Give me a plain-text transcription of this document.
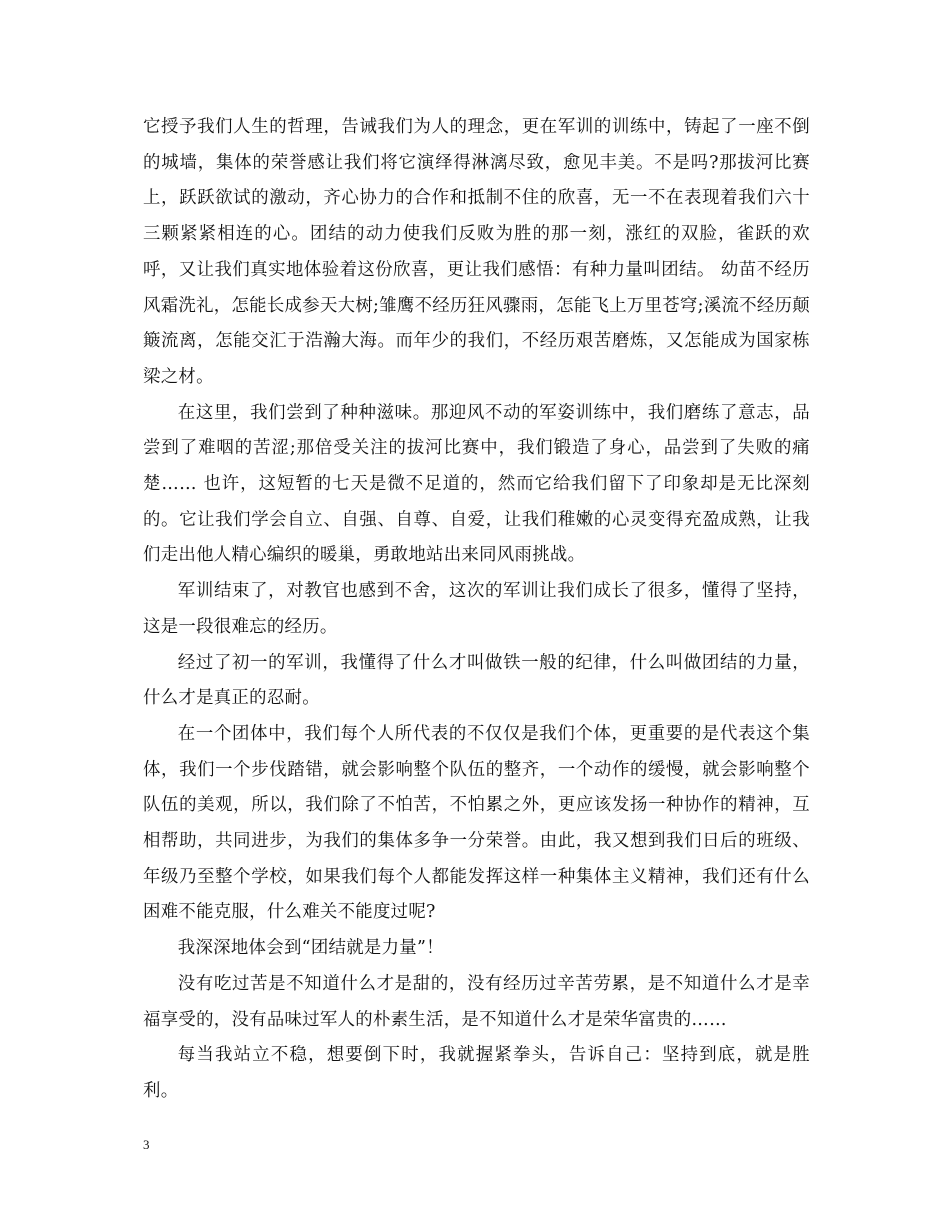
它授予我们人生的哲理，告诫我们为人的理念，更在军训的训练中，铸起了一座不倒的城墙，集体的荣誉感让我们将它演绎得淋漓尽致，愈见丰美。不是吗?那拔河比赛上，跃跃欲试的激动，齐心协力的合作和抵制不住的欣喜，无一不在表现着我们六十三颗紧紧相连的心。团结的动力使我们反败为胜的那一刻，涨红的双脸，雀跃的欢呼，又让我们真实地体验着这份欣喜，更让我们感悟：有种力量叫团结。 幼苗不经历风霜洗礼，怎能长成参天大树;雏鹰不经历狂风骤雨，怎能飞上万里苍穹;溪流不经历颠簸流离，怎能交汇于浩瀚大海。而年少的我们，不经历艰苦磨炼，又怎能成为国家栋梁之材。

在这里，我们尝到了种种滋味。那迎风不动的军姿训练中，我们磨练了意志，品尝到了难咽的苦涩;那倍受关注的拔河比赛中，我们锻造了身心，品尝到了失败的痛楚…… 也许，这短暂的七天是微不足道的，然而它给我们留下了印象却是无比深刻的。它让我们学会自立、自强、自尊、自爱，让我们稚嫩的心灵变得充盈成熟，让我们走出他人精心编织的暖巢，勇敢地站出来同风雨挑战。

军训结束了，对教官也感到不舍，这次的军训让我们成长了很多，懂得了坚持，这是一段很难忘的经历。

经过了初一的军训，我懂得了什么才叫做铁一般的纪律，什么叫做团结的力量，什么才是真正的忍耐。

在一个团体中，我们每个人所代表的不仅仅是我们个体，更重要的是代表这个集体，我们一个步伐踏错，就会影响整个队伍的整齐，一个动作的缓慢，就会影响整个队伍的美观，所以，我们除了不怕苦，不怕累之外，更应该发扬一种协作的精神，互相帮助，共同进步，为我们的集体多争一分荣誉。由此，我又想到我们日后的班级、年级乃至整个学校，如果我们每个人都能发挥这样一种集体主义精神，我们还有什么困难不能克服，什么难关不能度过呢?

我深深地体会到“团结就是力量”！

没有吃过苦是不知道什么才是甜的，没有经历过辛苦劳累，是不知道什么才是幸福享受的，没有品味过军人的朴素生活，是不知道什么才是荣华富贵的……

每当我站立不稳，想要倒下时，我就握紧拳头，告诉自己：坚持到底，就是胜利。

3
